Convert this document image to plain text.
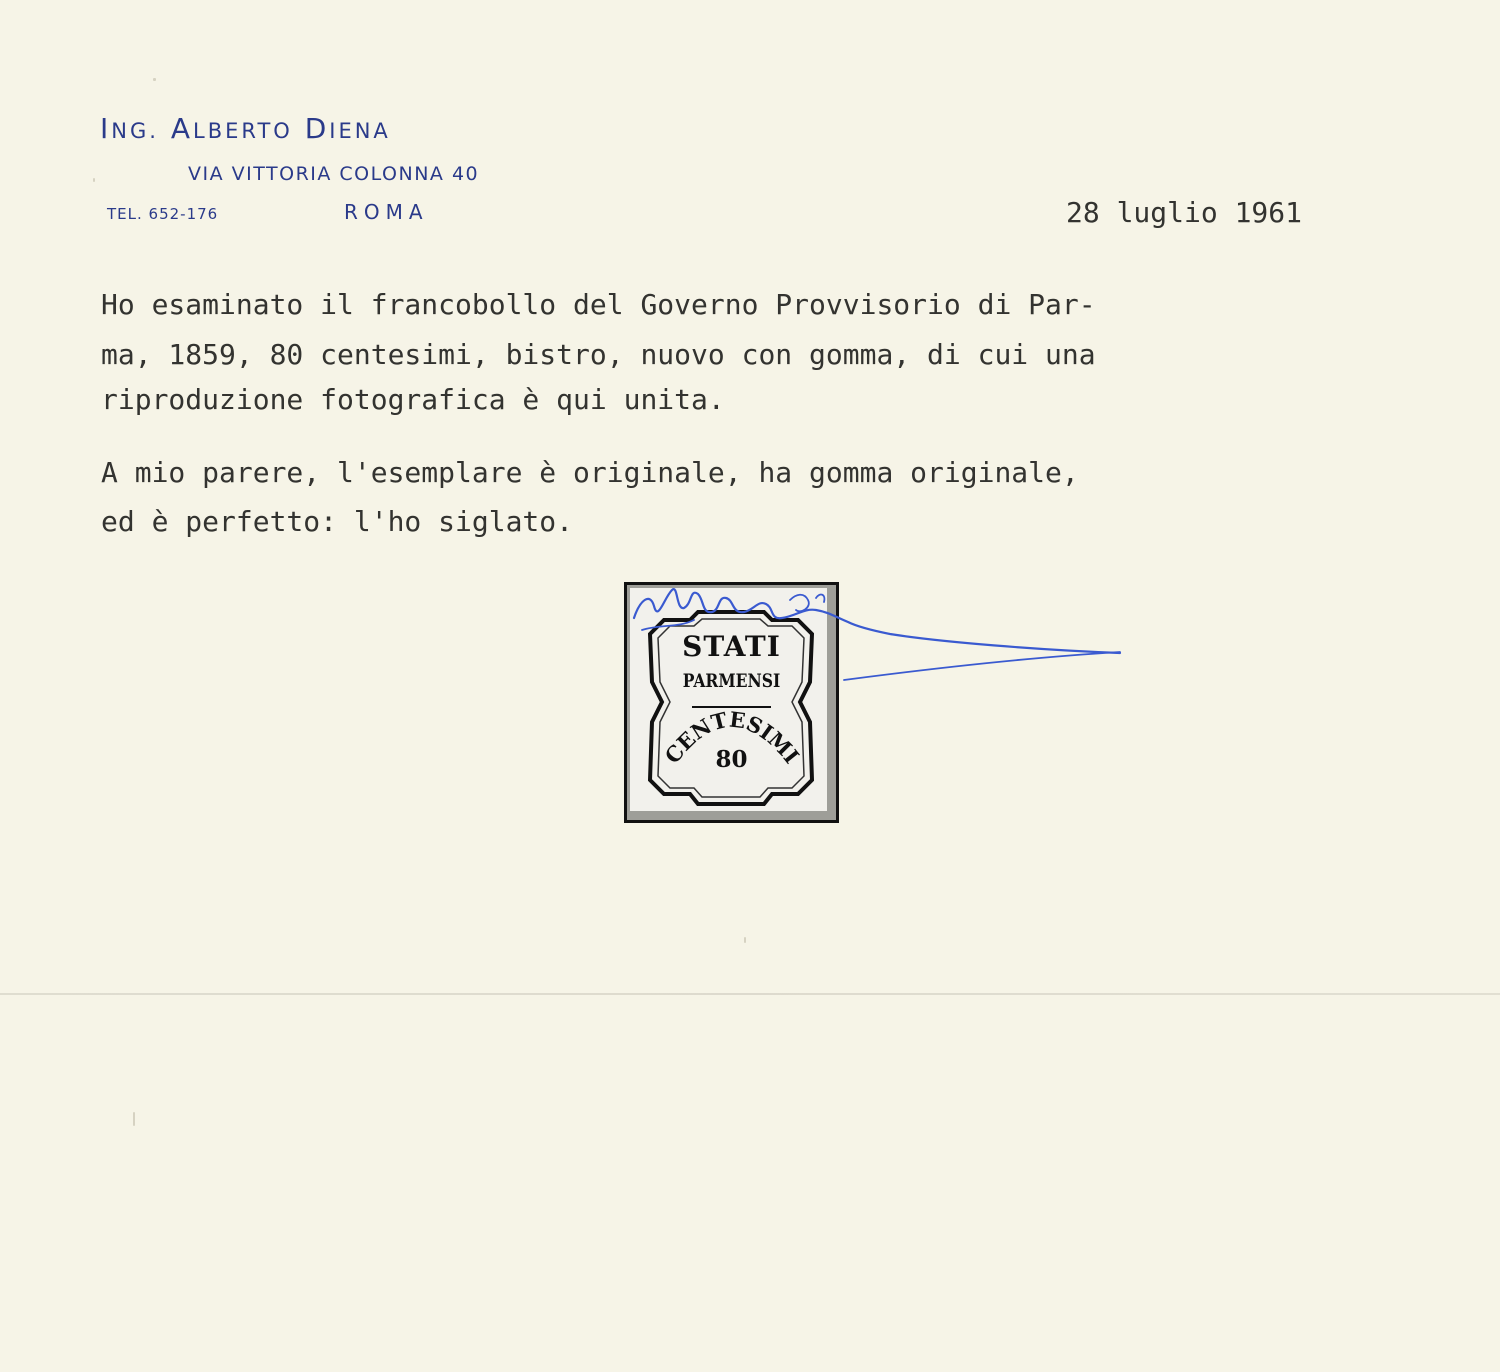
ING. ALBERTO DIENA
VIA VITTORIA COLONNA 40
TEL. 652-176	ROMA	28 luglio 1961
Ho esaminato il francobollo del Governo Provvisorio di Par-
ma, 1859, 80 centesimi, bistro, nuovo con gomma, di cui una
riproduzione fotografica è qui unita.
A mio parere, l'esemplare è originale, ha gomma originale,
ed è perfetto: l'ho siglato.
CENTESIMI
STATI
PARMENSI
80
